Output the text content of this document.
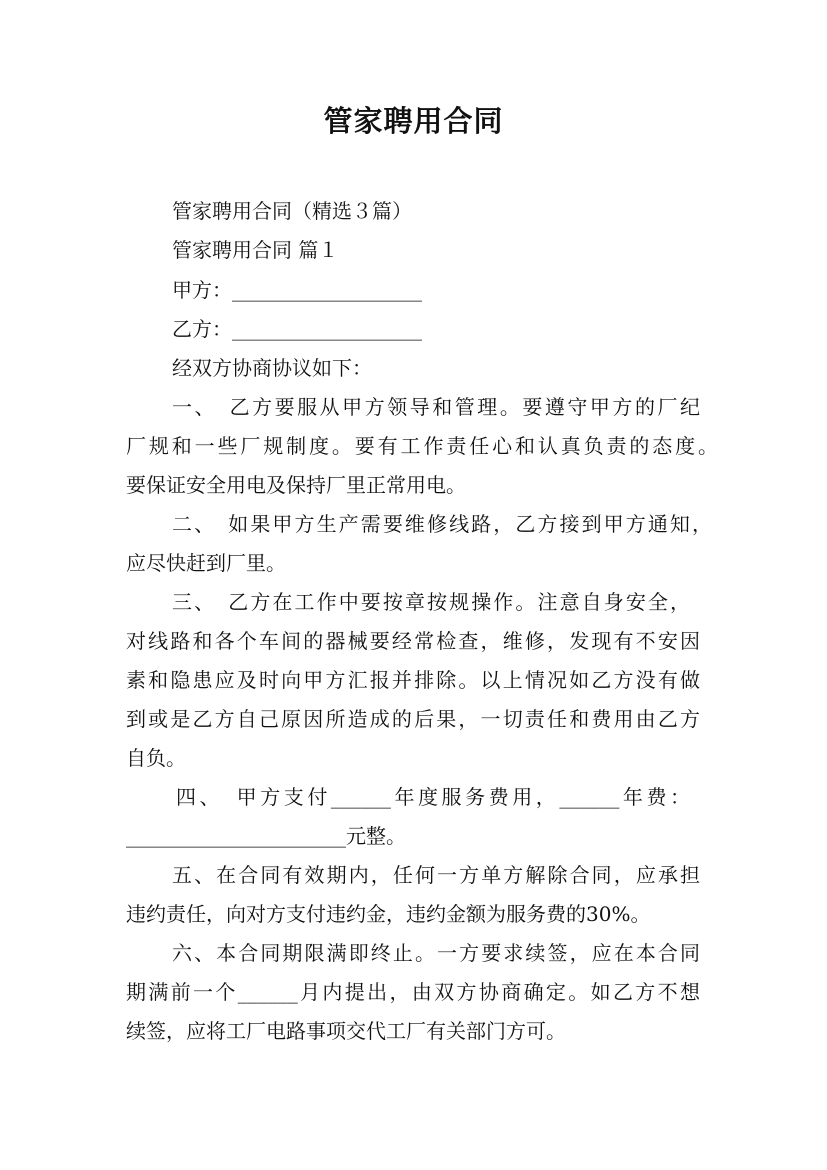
管家聘用合同
管家聘用合同（精选３篇）
管家聘用合同 篇１
甲方：___________________
乙方：___________________
经双方协商协议如下：
一、　乙方要服从甲方领导和管理。要遵守甲方的厂纪
厂规和一些厂规制度。要有工作责任心和认真负责的态度。
要保证安全用电及保持厂里正常用电。
二、　如果甲方生产需要维修线路，乙方接到甲方通知，
应尽快赶到厂里。
三、　乙方在工作中要按章按规操作。注意自身安全，
对线路和各个车间的器械要经常检查，维修，发现有不安因
素和隐患应及时向甲方汇报并排除。以上情况如乙方没有做
到或是乙方自己原因所造成的后果，一切责任和费用由乙方
自负。
四、　甲方支付______年度服务费用，______年费：
______________________元整。
五、在合同有效期内，任何一方单方解除合同，应承担
违约责任，向对方支付违约金，违约金额为服务费的30%。
六、本合同期限满即终止。一方要求续签，应在本合同
期满前一个______月内提出，由双方协商确定。如乙方不想
续签，应将工厂电路事项交代工厂有关部门方可。
